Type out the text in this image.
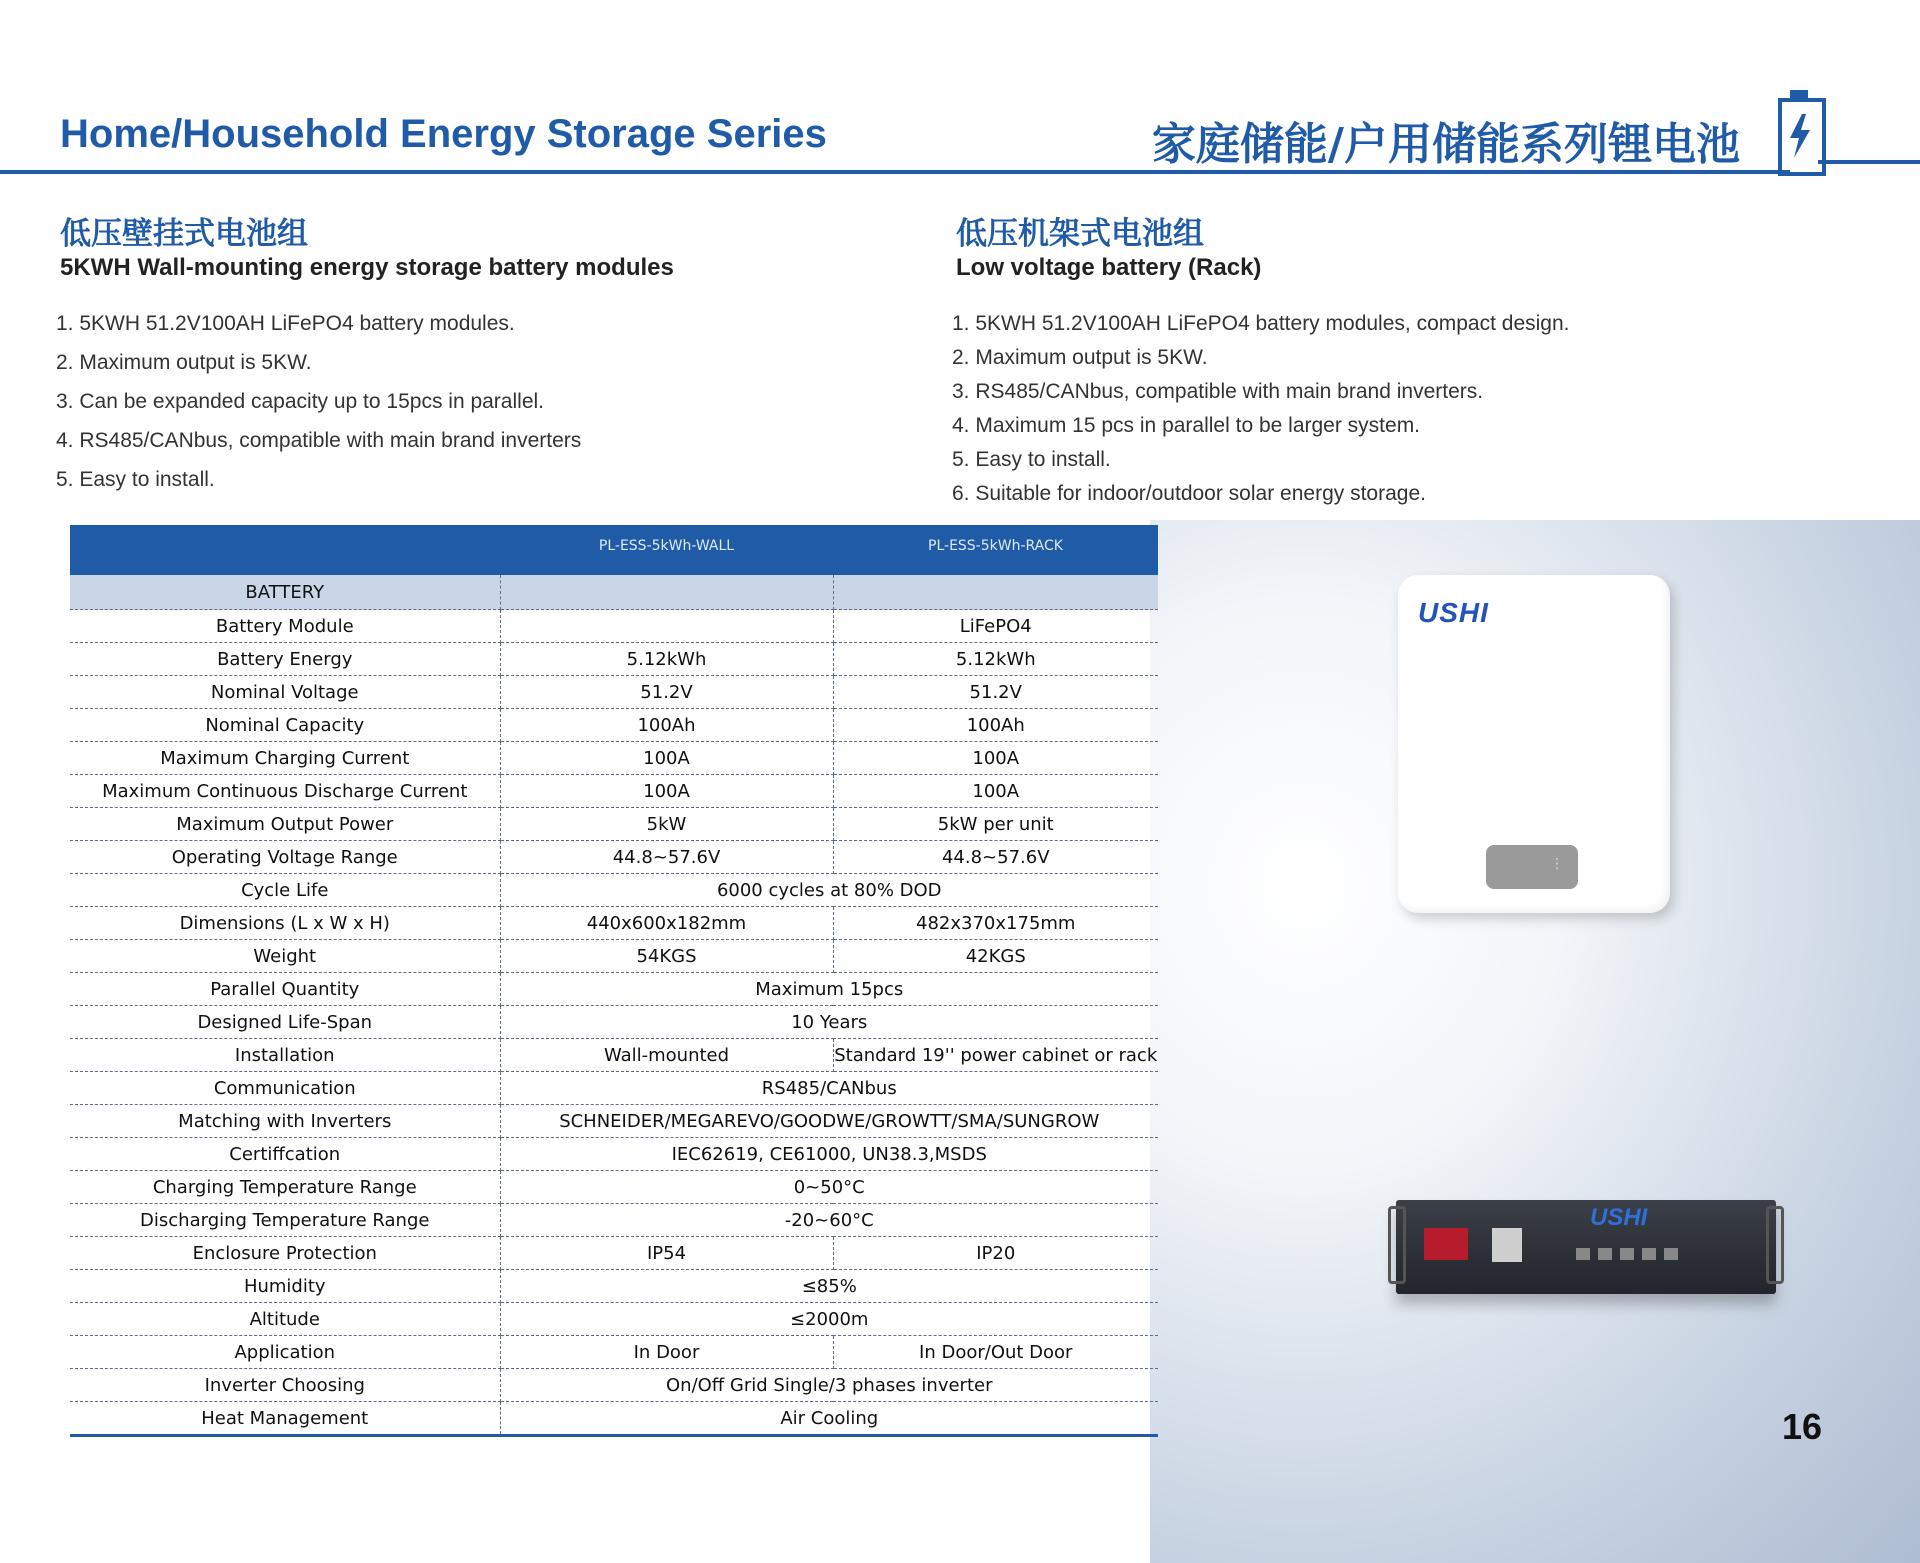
Home/Household Energy Storage Series	家庭储能/户用储能系列锂电池
低压壁挂式电池组
5KWH Wall-mounting energy storage battery modules
1. 5KWH 51.2V100AH LiFePO4 battery modules.
2. Maximum output is 5KW.
3. Can be expanded capacity up to 15pcs in parallel.
4. RS485/CANbus, compatible with main brand inverters
5. Easy to install.
低压机架式电池组
Low voltage battery (Rack)
1. 5KWH 51.2V100AH LiFePO4 battery modules, compact design.
2. Maximum output is 5KW.
3. RS485/CANbus, compatible with main brand inverters.
4. Maximum 15 pcs in parallel to be larger system.
5. Easy to install.
6. Suitable for indoor/outdoor solar energy storage.
	PL-ESS-5kWh-WALL	PL-ESS-5kWh-RACK
BATTERY		
Battery Module		LiFePO4
Battery Energy	5.12kWh	5.12kWh
Nominal Voltage	51.2V	51.2V
Nominal Capacity	100Ah	100Ah
Maximum Charging Current	100A	100A
Maximum Continuous Discharge Current	100A	100A
Maximum Output Power	5kW	5kW per unit
Operating Voltage Range	44.8~57.6V	44.8~57.6V
Cycle Life	6000 cycles at 80% DOD	
Dimensions (L x W x H)	440x600x182mm	482x370x175mm
Weight	54KGS	42KGS
Parallel Quantity	Maximum 15pcs	
Designed Life-Span	10 Years	
Installation	Wall-mounted	Standard 19'' power cabinet or rack
Communication	RS485/CANbus	
Matching with Inverters	SCHNEIDER/MEGAREVO/GOODWE/GROWTT/SMA/SUNGROW	
Certiffcation	IEC62619, CE61000, UN38.3,MSDS	
Charging Temperature Range	0~50°C	
Discharging Temperature Range	-20~60°C	
Enclosure Protection	IP54	IP20
Humidity	≤85%	
Altitude	≤2000m	
Application	In Door	In Door/Out Door
Inverter Choosing	On/Off Grid Single/3 phases inverter	
Heat Management	Air Cooling	
USHI
⋮
USHI
16
